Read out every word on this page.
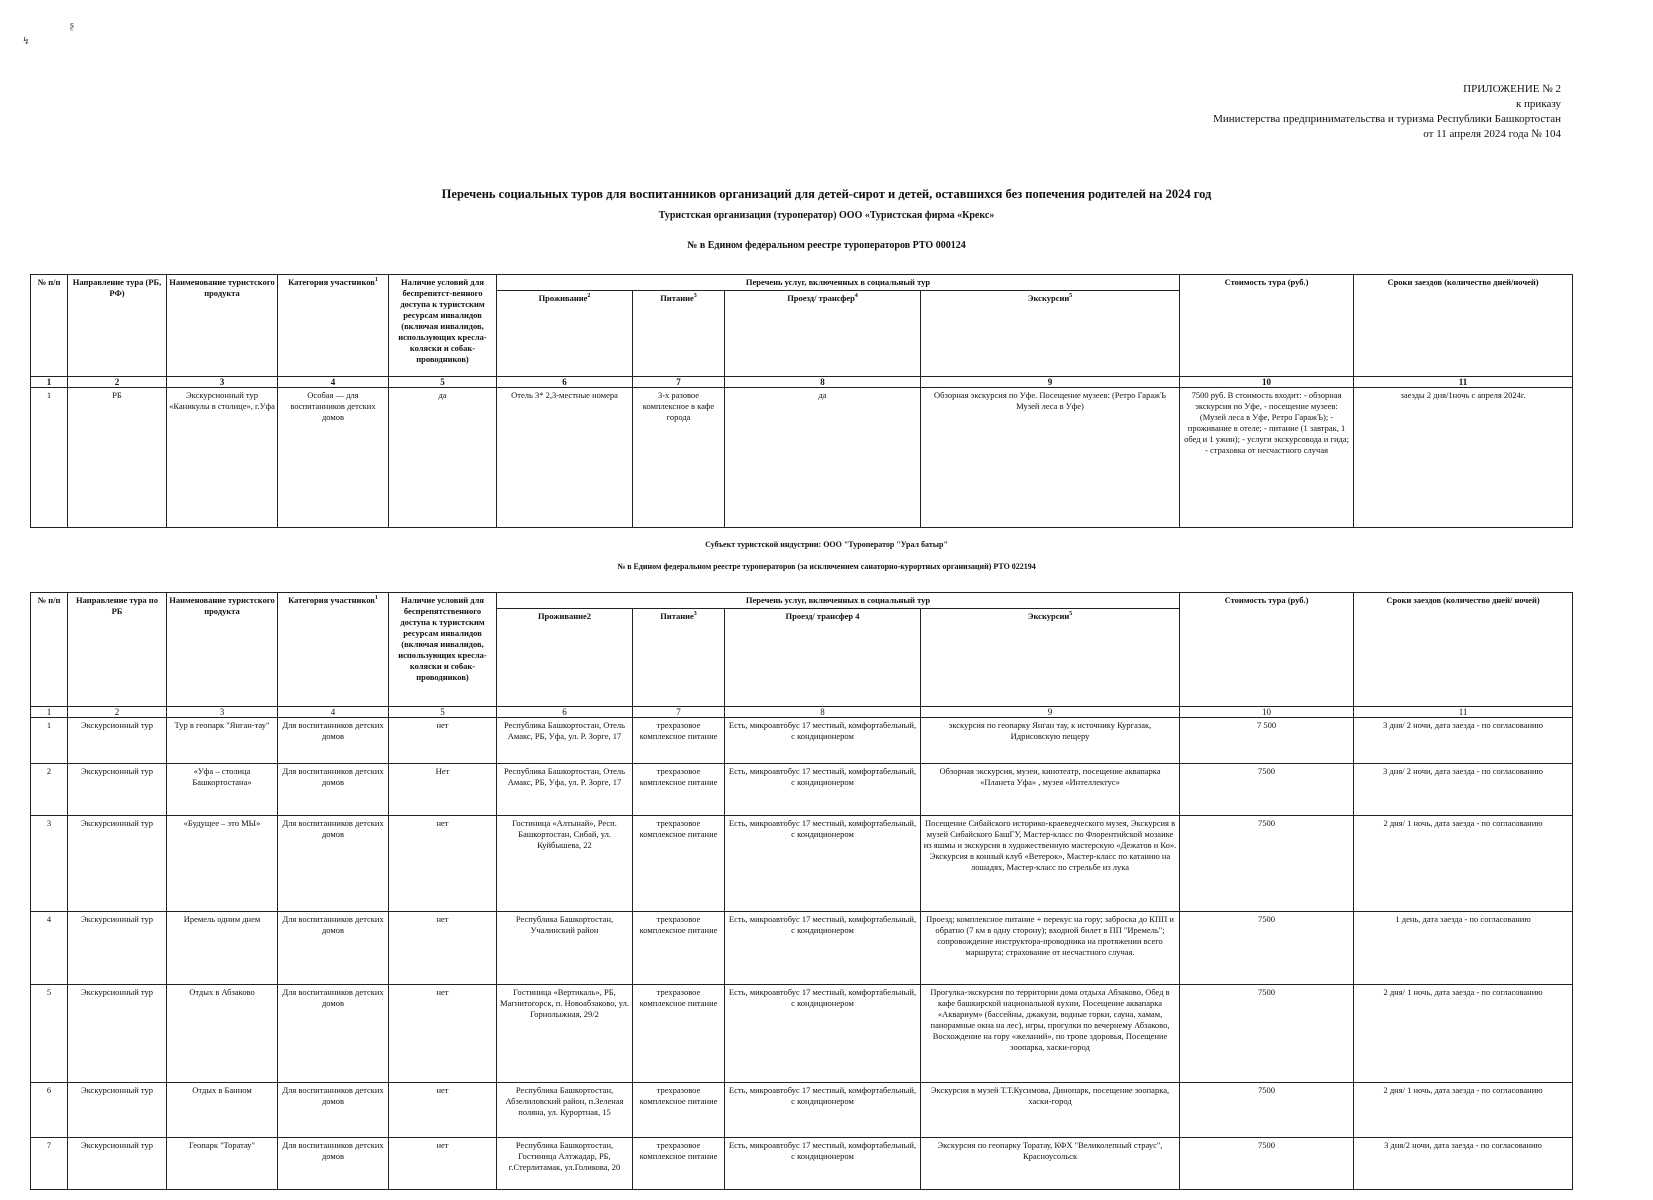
↯
ʂ
ПРИЛОЖЕНИЕ № 2
к приказу
Министерства предпринимательства и туризма Республики Башкортостан
от 11 апреля 2024 года № 104
Перечень социальных туров для воспитанников организаций для детей-сирот и детей, оставшихся без попечения родителей на 2024 год
Туристская организация (туроператор) ООО «Туристская фирма «Крекс»
№ в Едином федеральном реестре туроператоров РТО 000124
№ п/п	Направление тура (РБ, РФ)	Наименование туристского продукта	Категория участников$^1$	Наличие условий для беспрепятст-венного доступа к туристским ресурсам инвалидов (включая инвалидов, использующих кресла-коляски и собак-проводников)	Перечень услуг, включенных в социальный тур				Стоимость тура (руб.)	Сроки заездов (количество дней/ночей)
					Проживание$^2$	Питание$^3$	Проезд/ трансфер$^4$	Экскурсии$^5$
1	2	3	4	5	6	7	8	9	10	11
1	РБ	Экскурсионный тур «Каникулы в столице», г.Уфа	Особая — для воспитанников детских домов	да	Отель 3* 2,3-местные номера	3-х разовое комплексное в кафе города	да	Обзорная экскурсия по Уфе. Посещение музеев: (Ретро ГаражЪ Музей леса в Уфе)	7500 руб. В стоимость входит: - обзорная экскурсия по Уфе, - посещение музеев: (Музей леса в Уфе, Ретро ГаражЪ); - проживание в отеле; - питание (1 завтрак, 1 обед и 1 ужин); - услуги экскурсовода и гида; - страховка от несчастного случая	заезды 2 дня/1ночь с апреля 2024г.
Субъект туристской индустрии: ООО "Туроператор "Урал батыр"
№ в Едином федеральном реестре туроператоров (за исключением санаторно-курортных организаций) РТО 022194
№ п/п	Направление тура по РБ	Наименование туристского продукта	Категория участников$^1$	Наличие условий для беспрепятственного доступа к туристским ресурсам инвалидов (включая инвалидов, использующих кресла-коляски и собак-проводников)	Перечень услуг, включенных в социальный тур				Стоимость тура (руб.)	Сроки заездов (количество дней/ ночей)
					Проживание2	Питание$^3$	Проезд/ трансфер 4	Экскурсии$^5$
1	2	3	4	5	6	7	8	9	10	11
1	Экскурсионный тур	Тур в геопарк "Янган-тау"	Для воспитанников детских домов	нет	Республика Башкортостан, Отель Амакс, РБ, Уфа, ул. Р. Зорге, 17	трехразовое комплексное питание	Есть, микроавтобус 17 местный, комфортабельный, с кондиционером	экскурсия по геопарку Янган тау, к источнику Кургазак, Идрисовскую пещеру	7 500	3 дня/ 2 ночи, дата заезда - по согласованию
2	Экскурсионный тур	«Уфа – столица Башкортостана»	Для воспитанников детских домов	Нет	Республика Башкортостан, Отель Амакс, РБ, Уфа, ул. Р. Зорге, 17	трехразовое комплексное питание	Есть, микроавтобус 17 местный, комфортабельный, с кондиционером	Обзорная экскурсия, музеи, кинотеатр, посещение аквапарка «Планета Уфа» , музея «Интеллектус»	7500	3 дня/ 2 ночи, дата заезда - по согласованию
3	Экскурсионный тур	«Будущее – это МЫ»	Для воспитанников детских домов	нет	Гостиница «Алтынай», Респ. Башкортостан, Сибай, ул. Куйбышева, 22	трехразовое комплексное питание	Есть, микроавтобус 17 местный, комфортабельный, с кондиционером	Посещение Сибайского историко-краеведческого музея, Экскурсия в музей Сибайского БашГУ, Мастер-класс по Флорентийской мозаике из яшмы и экскурсия в художественную мастерскую «Дежатов и Ко». Экскурсия в конный клуб «Ветерок», Мастер-класс по катанию на лошадях, Мастер-класс по стрельбе из лука	7500	2 дня/ 1 ночь, дата заезда - по согласованию
4	Экскурсионный тур	Иремель одним днем	Для воспитанников детских домов	нет	Республика Башкортостан, Учалинский район	трехразовое комплексное питание	Есть, микроавтобус 17 местный, комфортабельный, с кондиционером	Проезд; комплексное питание + перекус на гору; заброска до КПП и обратно (7 км в одну сторону); входной билет в ПП "Иремель"; сопровождение инструктора-проводника на протяжении всего маршрута; страхование от несчастного случая.	7500	1 день, дата заезда - по согласованию
5	Экскурсионный тур	Отдых в Абзаково	Для воспитанников детских домов	нет	Гостиница «Вертикаль», РБ, Магнитогорск, п. Новоабзаково, ул. Горнолыжная, 29/2	трехразовое комплексное питание	Есть, микроавтобус 17 местный, комфортабельный, с кондиционером	Прогулка-экскурсия по территории дома отдыха Абзаково, Обед в кафе башкирской национальной кухни, Посещение аквапарка «Аквариум» (бассейны, джакузи, водные горки, сауна, хамам, панорамные окна на лес), игры, прогулки по вечернему Абзаково, Восхождение на гору «желаний», по тропе здоровья, Посещение зоопарка, хаски-город	7500	2 дня/ 1 ночь, дата заезда - по согласованию
6	Экскурсионный тур	Отдых в Банном	Для воспитанников детских домов	нет	Республика Башкортостан, Абзелиловский район, п.Зеленая поляна, ул. Курортная, 15	трехразовое комплексное питание	Есть, микроавтобус 17 местный, комфортабельный, с кондиционером	Экскурсия в музей Т.Т.Кусимова, Динопарк, посещение зоопарка, хаски-город	7500	2 дня/ 1 ночь, дата заезда - по согласованию
7	Экскурсионный тур	Геопарк "Торатау"	Для воспитанников детских домов	нет	Республика Башкортостан, Гостиница Алтжадар, РБ, г.Стерлитамак, ул.Голикова, 20	трехразовое комплексное питание	Есть, микроавтобус 17 местный, комфортабельный, с кондиционером	Экскурсия по геопарку Торатау, КФХ "Великолепный страус", Красноусольск	7500	3 дня/2 ночи, дата заезда - по согласованию
